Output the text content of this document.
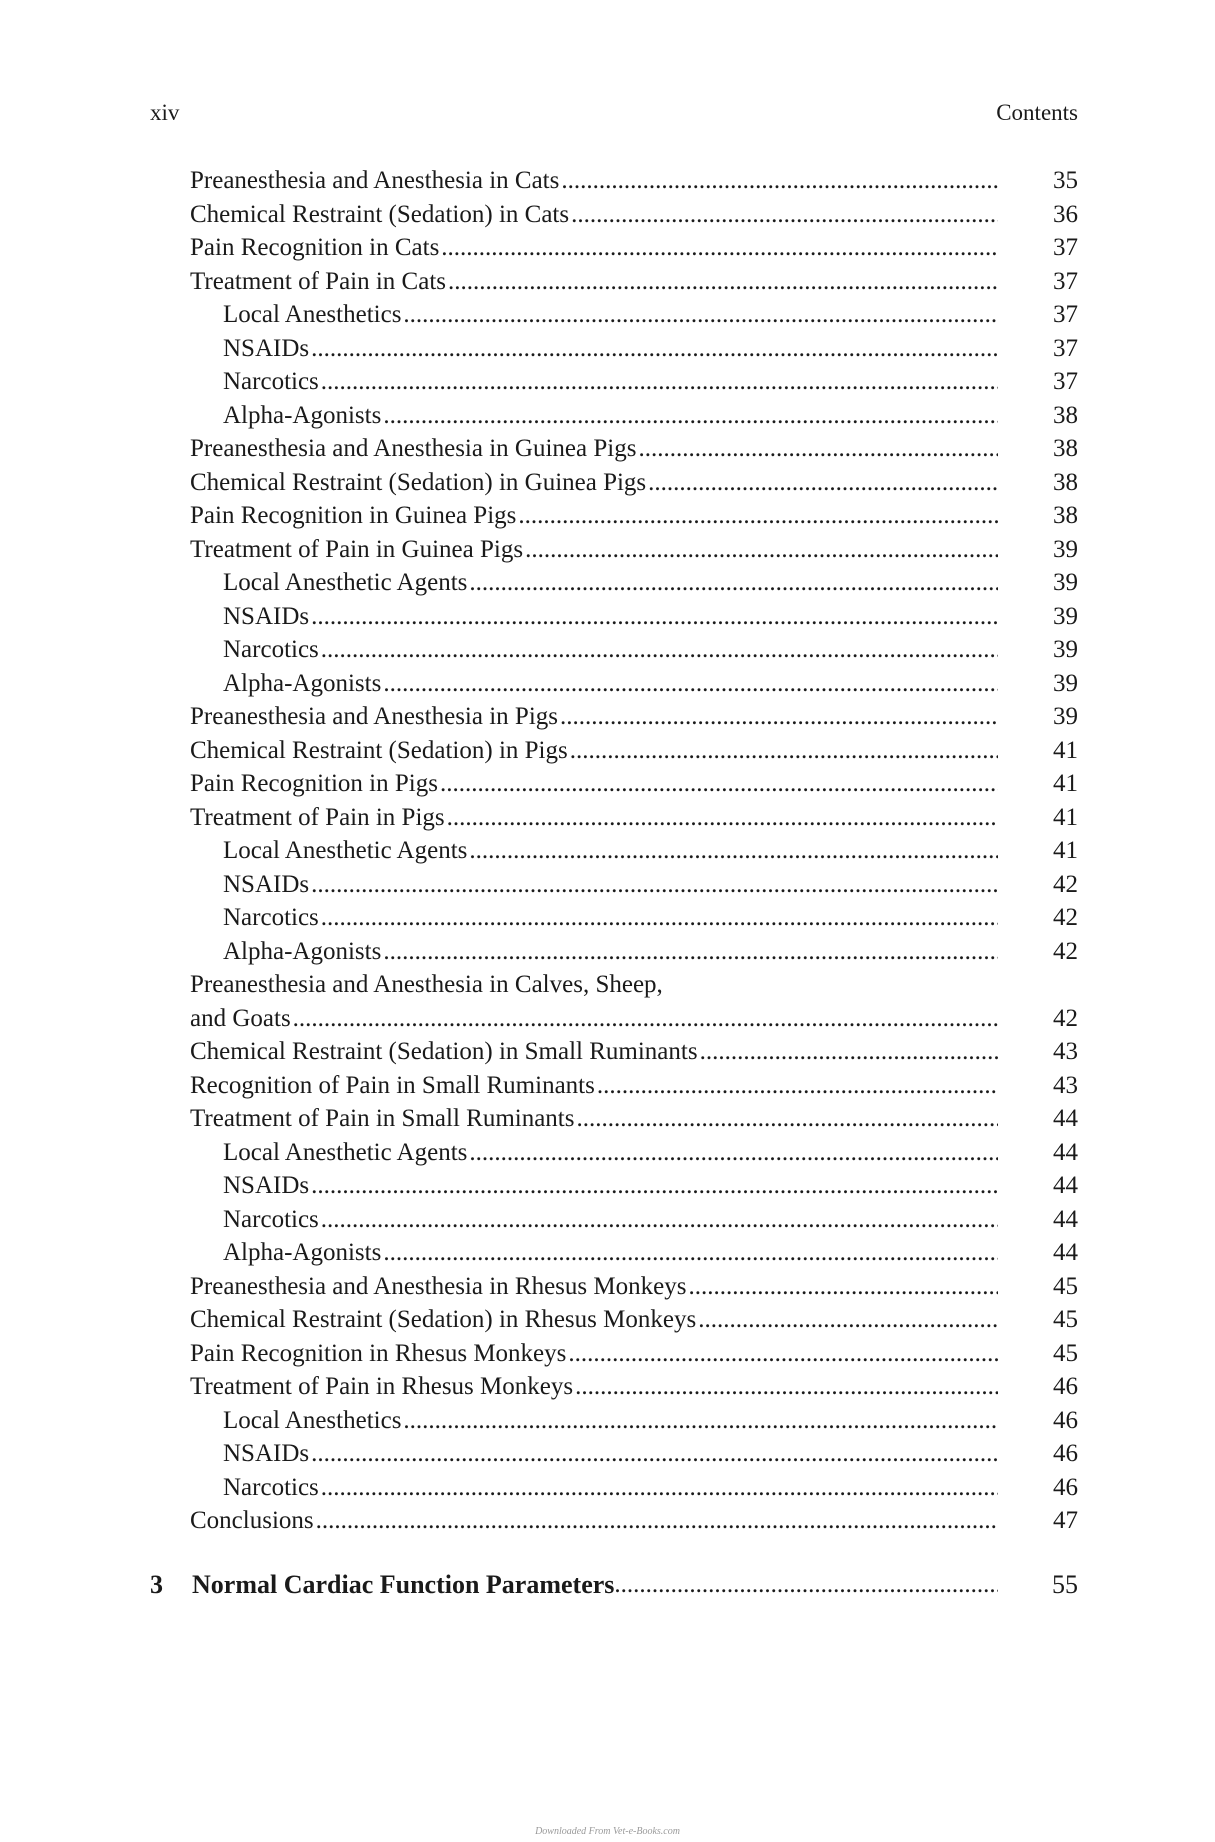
xiv	Contents
Preanesthesia and Anesthesia in Cats .....	35
Chemical Restraint (Sedation) in Cats .....	36
Pain Recognition in Cats .....	37
Treatment of Pain in Cats .....	37
Local Anesthetics .....	37
NSAIDs .....	37
Narcotics .....	37
Alpha-Agonists .....	38
Preanesthesia and Anesthesia in Guinea Pigs .....	38
Chemical Restraint (Sedation) in Guinea Pigs .....	38
Pain Recognition in Guinea Pigs .....	38
Treatment of Pain in Guinea Pigs .....	39
Local Anesthetic Agents .....	39
NSAIDs .....	39
Narcotics .....	39
Alpha-Agonists .....	39
Preanesthesia and Anesthesia in Pigs .....	39
Chemical Restraint (Sedation) in Pigs .....	41
Pain Recognition in Pigs .....	41
Treatment of Pain in Pigs .....	41
Local Anesthetic Agents .....	41
NSAIDs .....	42
Narcotics .....	42
Alpha-Agonists .....	42
Preanesthesia and Anesthesia in Calves, Sheep,
and Goats .....	42
Chemical Restraint (Sedation) in Small Ruminants .....	43
Recognition of Pain in Small Ruminants .....	43
Treatment of Pain in Small Ruminants .....	44
Local Anesthetic Agents .....	44
NSAIDs .....	44
Narcotics .....	44
Alpha-Agonists .....	44
Preanesthesia and Anesthesia in Rhesus Monkeys .....	45
Chemical Restraint (Sedation) in Rhesus Monkeys .....	45
Pain Recognition in Rhesus Monkeys .....	45
Treatment of Pain in Rhesus Monkeys .....	46
Local Anesthetics .....	46
NSAIDs .....	46
Narcotics .....	46
Conclusions .....	47
3 Normal Cardiac Function Parameters .....	55
Downloaded From Vet-e-Books.com
